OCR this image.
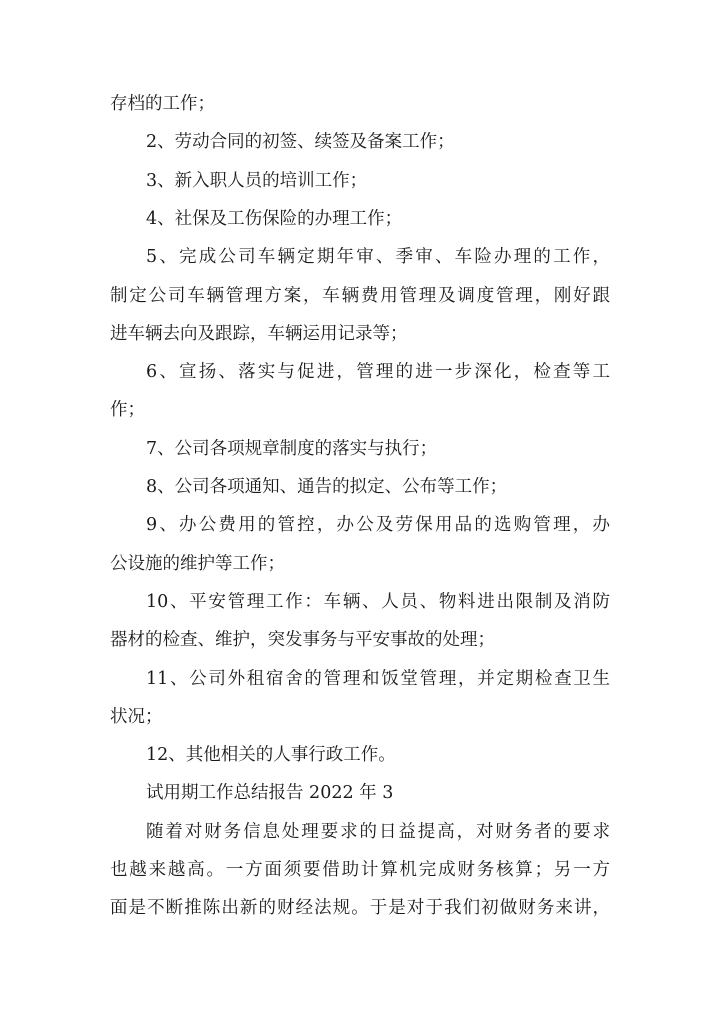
存档的工作；
2、劳动合同的初签、续签及备案工作；
3、新入职人员的培训工作；
4、社保及工伤保险的办理工作；
5、完成公司车辆定期年审、季审、车险办理的工作，
制定公司车辆管理方案，车辆费用管理及调度管理，刚好跟
进车辆去向及跟踪，车辆运用记录等；
6、宣扬、落实与促进，管理的进一步深化，检查等工
作；
7、公司各项规章制度的落实与执行；
8、公司各项通知、通告的拟定、公布等工作；
9、办公费用的管控，办公及劳保用品的选购管理，办
公设施的维护等工作；
10、平安管理工作：车辆、人员、物料进出限制及消防
器材的检查、维护，突发事务与平安事故的处理；
11、公司外租宿舍的管理和饭堂管理，并定期检查卫生
状况；
12、其他相关的人事行政工作。
试用期工作总结报告 2022 年 3
随着对财务信息处理要求的日益提高，对财务者的要求
也越来越高。一方面须要借助计算机完成财务核算；另一方
面是不断推陈出新的财经法规。于是对于我们初做财务来讲，
